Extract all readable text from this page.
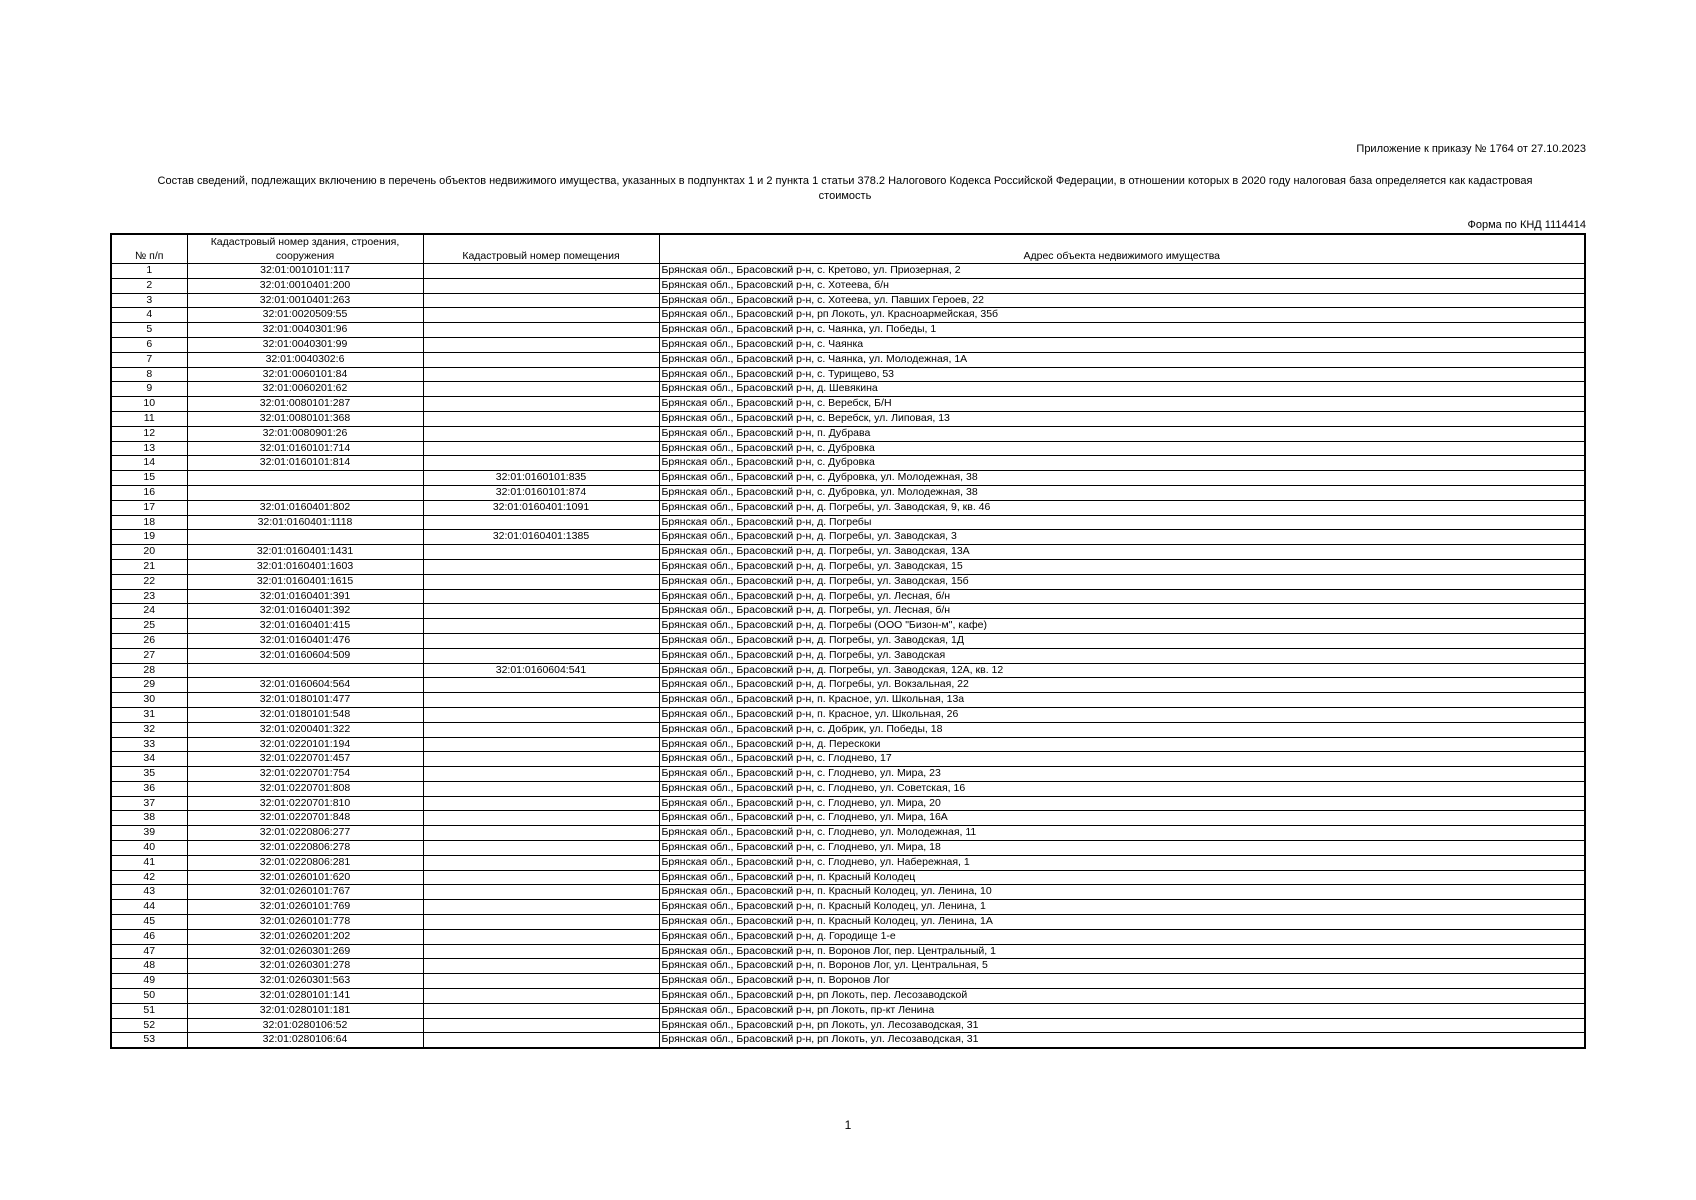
Приложение к приказу № 1764 от 27.10.2023
Состав сведений, подлежащих включению в перечень объектов недвижимого имущества, указанных в подпунктах 1 и 2 пункта 1 статьи 378.2 Налогового Кодекса Российской Федерации, в отношении которых в 2020 году налоговая база определяется как кадастровая стоимость
Форма по КНД 1114414
№ п/п	Кадастровый номер здания, строения, сооружения	Кадастровый номер помещения	Адрес объекта недвижимого имущества
1	32:01:0010101:117		Брянская обл., Брасовский р-н, с. Кретово, ул. Приозерная, 2
2	32:01:0010401:200		Брянская обл., Брасовский р-н, с. Хотеева, б/н
3	32:01:0010401:263		Брянская обл., Брасовский р-н, с. Хотеева, ул. Павших Героев, 22
4	32:01:0020509:55		Брянская обл., Брасовский р-н, рп Локоть, ул. Красноармейская, 35б
5	32:01:0040301:96		Брянская обл., Брасовский р-н, с. Чаянка, ул. Победы, 1
6	32:01:0040301:99		Брянская обл., Брасовский р-н, с. Чаянка
7	32:01:0040302:6		Брянская обл., Брасовский р-н, с. Чаянка, ул. Молодежная, 1А
8	32:01:0060101:84		Брянская обл., Брасовский р-н, с. Турищево, 53
9	32:01:0060201:62		Брянская обл., Брасовский р-н, д. Шевякина
10	32:01:0080101:287		Брянская обл., Брасовский р-н, с. Веребск, Б/Н
11	32:01:0080101:368		Брянская обл., Брасовский р-н, с. Веребск, ул. Липовая, 13
12	32:01:0080901:26		Брянская обл., Брасовский р-н, п. Дубрава
13	32:01:0160101:714		Брянская обл., Брасовский р-н, с. Дубровка
14	32:01:0160101:814		Брянская обл., Брасовский р-н, с. Дубровка
15		32:01:0160101:835	Брянская обл., Брасовский р-н, с. Дубровка, ул. Молодежная, 38
16		32:01:0160101:874	Брянская обл., Брасовский р-н, с. Дубровка, ул. Молодежная, 38
17	32:01:0160401:802	32:01:0160401:1091	Брянская обл., Брасовский р-н, д. Погребы, ул. Заводская, 9, кв. 46
18	32:01:0160401:1118		Брянская обл., Брасовский р-н, д. Погребы
19		32:01:0160401:1385	Брянская обл., Брасовский р-н, д. Погребы, ул. Заводская, 3
20	32:01:0160401:1431		Брянская обл., Брасовский р-н, д. Погребы, ул. Заводская, 13А
21	32:01:0160401:1603		Брянская обл., Брасовский р-н, д. Погребы, ул. Заводская, 15
22	32:01:0160401:1615		Брянская обл., Брасовский р-н, д. Погребы, ул. Заводская, 15б
23	32:01:0160401:391		Брянская обл., Брасовский р-н, д. Погребы, ул. Лесная, б/н
24	32:01:0160401:392		Брянская обл., Брасовский р-н, д. Погребы, ул. Лесная, б/н
25	32:01:0160401:415		Брянская обл., Брасовский р-н, д. Погребы (ООО "Бизон-м", кафе)
26	32:01:0160401:476		Брянская обл., Брасовский р-н, д. Погребы, ул. Заводская, 1Д
27	32:01:0160604:509		Брянская обл., Брасовский р-н, д. Погребы, ул. Заводская
28		32:01:0160604:541	Брянская обл., Брасовский р-н, д. Погребы, ул. Заводская, 12А, кв. 12
29	32:01:0160604:564		Брянская обл., Брасовский р-н, д. Погребы, ул. Вокзальная, 22
30	32:01:0180101:477		Брянская обл., Брасовский р-н, п. Красное, ул. Школьная, 13а
31	32:01:0180101:548		Брянская обл., Брасовский р-н, п. Красное, ул. Школьная, 26
32	32:01:0200401:322		Брянская обл., Брасовский р-н, с. Добрик, ул. Победы, 18
33	32:01:0220101:194		Брянская обл., Брасовский р-н, д. Перескоки
34	32:01:0220701:457		Брянская обл., Брасовский р-н, с. Глоднево, 17
35	32:01:0220701:754		Брянская обл., Брасовский р-н, с. Глоднево, ул. Мира, 23
36	32:01:0220701:808		Брянская обл., Брасовский р-н, с. Глоднево, ул. Советская, 16
37	32:01:0220701:810		Брянская обл., Брасовский р-н, с. Глоднево, ул. Мира, 20
38	32:01:0220701:848		Брянская обл., Брасовский р-н, с. Глоднево, ул. Мира, 16А
39	32:01:0220806:277		Брянская обл., Брасовский р-н, с. Глоднево, ул. Молодежная, 11
40	32:01:0220806:278		Брянская обл., Брасовский р-н, с. Глоднево, ул. Мира, 18
41	32:01:0220806:281		Брянская обл., Брасовский р-н, с. Глоднево, ул. Набережная, 1
42	32:01:0260101:620		Брянская обл., Брасовский р-н, п. Красный Колодец
43	32:01:0260101:767		Брянская обл., Брасовский р-н, п. Красный Колодец, ул. Ленина, 10
44	32:01:0260101:769		Брянская обл., Брасовский р-н, п. Красный Колодец, ул. Ленина, 1
45	32:01:0260101:778		Брянская обл., Брасовский р-н, п. Красный Колодец, ул. Ленина, 1А
46	32:01:0260201:202		Брянская обл., Брасовский р-н, д. Городище 1-е
47	32:01:0260301:269		Брянская обл., Брасовский р-н, п. Воронов Лог, пер. Центральный, 1
48	32:01:0260301:278		Брянская обл., Брасовский р-н, п. Воронов Лог, ул. Центральная, 5
49	32:01:0260301:563		Брянская обл., Брасовский р-н, п. Воронов Лог
50	32:01:0280101:141		Брянская обл., Брасовский р-н, рп Локоть, пер. Лесозаводской
51	32:01:0280101:181		Брянская обл., Брасовский р-н, рп Локоть, пр-кт Ленина
52	32:01:0280106:52		Брянская обл., Брасовский р-н, рп Локоть, ул. Лесозаводская, 31
53	32:01:0280106:64		Брянская обл., Брасовский р-н, рп Локоть, ул. Лесозаводская, 31
1
